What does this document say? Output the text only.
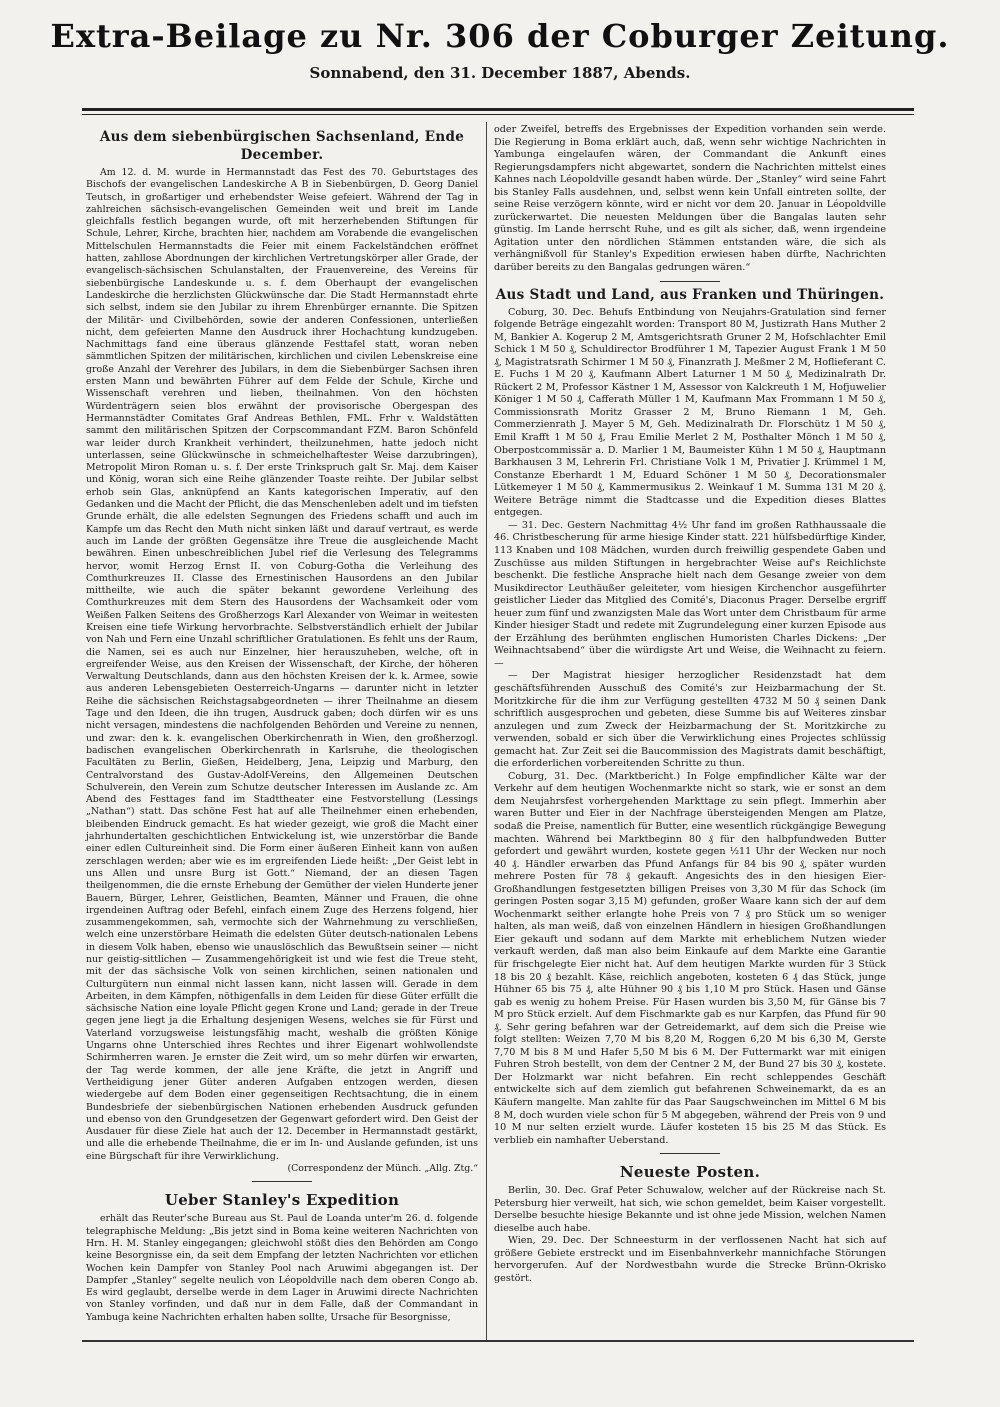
Extra-Beilage zu Nr. 306 der Coburger Zeitung.
Sonnabend, den 31. December 1887, Abends.
Aus dem siebenbürgischen Sachsenland, Ende December.

Am 12. d. M. wurde in Hermannstadt das Fest des 70. Geburtstages des Bischofs der evangelischen Landeskirche A B in Siebenbürgen, D. Georg Daniel Teutsch, in großartiger und erhebendster Weise gefeiert. Während der Tag in zahlreichen sächsisch-evangelischen Gemeinden weit und breit im Lande gleichfalls festlich begangen wurde, oft mit herzerhebenden Stiftungen für Schule, Lehrer, Kirche, brachten hier, nachdem am Vorabende die evangelischen Mittelschulen Hermannstadts die Feier mit einem Fackelständchen eröffnet hatten, zahllose Abordnungen der kirchlichen Vertretungskörper aller Grade, der evangelisch-sächsischen Schulanstalten, der Frauenvereine, des Vereins für siebenbürgische Landeskunde u. s. f. dem Oberhaupt der evangelischen Landeskirche die herzlichsten Glückwünsche dar. Die Stadt Hermannstadt ehrte sich selbst, indem sie den Jubilar zu ihrem Ehrenbürger ernannte. Die Spitzen der Militär- und Civilbehörden, sowie der anderen Confessionen, unterließen nicht, dem gefeierten Manne den Ausdruck ihrer Hochachtung kundzugeben. Nachmittags fand eine überaus glänzende Festtafel statt, woran neben sämmtlichen Spitzen der militärischen, kirchlichen und civilen Lebenskreise eine große Anzahl der Verehrer des Jubilars, in dem die Siebenbürger Sachsen ihren ersten Mann und bewährten Führer auf dem Felde der Schule, Kirche und Wissenschaft verehren und lieben, theilnahmen. Von den höchsten Würdenträgern seien blos erwähnt der provisorische Obergespan des Hermannstädter Comitates Graf Andreas Bethlen, FML. Frhr v. Waldstätten sammt den militärischen Spitzen der Corpscommandant FZM. Baron Schönfeld war leider durch Krankheit verhindert, theilzunehmen, hatte jedoch nicht unterlassen, seine Glückwünsche in schmeichelhaftester Weise darzubringen), Metropolit Miron Roman u. s. f. Der erste Trinkspruch galt Sr. Maj. dem Kaiser und König, woran sich eine Reihe glänzender Toaste reihte. Der Jubilar selbst erhob sein Glas, anknüpfend an Kants kategorischen Imperativ, auf den Gedanken und die Macht der Pflicht, die das Menschenleben adelt und im tiefsten Grunde erhält, die alle edelsten Segnungen des Friedens schafft und auch im Kampfe um das Recht den Muth nicht sinken läßt und darauf vertraut, es werde auch im Lande der größten Gegensätze ihre Treue die ausgleichende Macht bewähren. Einen unbeschreiblichen Jubel rief die Verlesung des Telegramms hervor, womit Herzog Ernst II. von Coburg-Gotha die Verleihung des Comthurkreuzes II. Classe des Ernestinischen Hausordens an den Jubilar mittheilte, wie auch die später bekannt gewordene Verleihung des Comthurkreuzes mit dem Stern des Hausordens der Wachsamkeit oder vom Weißen Falken Seitens des Großherzogs Karl Alexander von Weimar in weitesten Kreisen eine tiefe Wirkung hervorbrachte. Selbstverständlich erhielt der Jubilar von Nah und Fern eine Unzahl schriftlicher Gratulationen. Es fehlt uns der Raum, die Namen, sei es auch nur Einzelner, hier herauszuheben, welche, oft in ergreifender Weise, aus den Kreisen der Wissenschaft, der Kirche, der höheren Verwaltung Deutschlands, dann aus den höchsten Kreisen der k. k. Armee, sowie aus anderen Lebensgebieten Oesterreich-Ungarns — darunter nicht in letzter Reihe die sächsischen Reichstagsabgeordneten — ihrer Theilnahme an diesem Tage und den Ideen, die ihn trugen, Ausdruck gaben; doch dürfen wir es uns nicht versagen, mindestens die nachfolgenden Behörden und Vereine zu nennen, und zwar: den k. k. evangelischen Oberkirchenrath in Wien, den großherzogl. badischen evangelischen Oberkirchenrath in Karlsruhe, die theologischen Facultäten zu Berlin, Gießen, Heidelberg, Jena, Leipzig und Marburg, den Centralvorstand des Gustav-Adolf-Vereins, den Allgemeinen Deutschen Schulverein, den Verein zum Schutze deutscher Interessen im Auslande zc. Am Abend des Festtages fand im Stadttheater eine Festvorstellung (Lessings „Nathan“) statt. Das schöne Fest hat auf alle Theilnehmer einen erhebenden, bleibenden Eindruck gemacht. Es hat wieder gezeigt, wie groß die Macht einer jahrhundertalten geschichtlichen Entwickelung ist, wie unzerstörbar die Bande einer edlen Cultureinheit sind. Die Form einer äußeren Einheit kann von außen zerschlagen werden; aber wie es im ergreifenden Liede heißt: „Der Geist lebt in uns Allen und unsre Burg ist Gott.“ Niemand, der an diesen Tagen theilgenommen, die die ernste Erhebung der Gemüther der vielen Hunderte jener Bauern, Bürger, Lehrer, Geistlichen, Beamten, Männer und Frauen, die ohne irgendeinen Auftrag oder Befehl, einfach einem Zuge des Herzens folgend, hier zusammengekommen, sah, vermochte sich der Wahrnehmung zu verschließen, welch eine unzerstörbare Heimath die edelsten Güter deutsch-nationalen Lebens in diesem Volk haben, ebenso wie unauslöschlich das Bewußtsein seiner — nicht nur geistig-sittlichen — Zusammengehörigkeit ist und wie fest die Treue steht, mit der das sächsische Volk von seinen kirchlichen, seinen nationalen und Culturgütern nun einmal nicht lassen kann, nicht lassen will. Gerade in dem Arbeiten, in dem Kämpfen, nöthigenfalls in dem Leiden für diese Güter erfüllt die sächsische Nation eine loyale Pflicht gegen Krone und Land; gerade in der Treue gegen jene liegt ja die Erhaltung desjenigen Wesens, welches sie für Fürst und Vaterland vorzugsweise leistungsfähig macht, weshalb die größten Könige Ungarns ohne Unterschied ihres Rechtes und ihrer Eigenart wohlwollendste Schirmherren waren. Je ernster die Zeit wird, um so mehr dürfen wir erwarten, der Tag werde kommen, der alle jene Kräfte, die jetzt in Angriff und Vertheidigung jener Güter anderen Aufgaben entzogen werden, diesen wiedergebe auf dem Boden einer gegenseitigen Rechtsachtung, die in einem Bundesbriefe der siebenbürgischen Nationen erhebenden Ausdruck gefunden und ebenso von den Grundgesetzen der Gegenwart gefordert wird. Den Geist der Ausdauer für diese Ziele hat auch der 12. December in Hermannstadt gestärkt, und alle die erhebende Theilnahme, die er im In- und Auslande gefunden, ist uns eine Bürgschaft für ihre Verwirklichung.

(Correspondenz der Münch. „Allg. Ztg.“
Ueber Stanley's Expedition

erhält das Reuter'sche Bureau aus St. Paul de Loanda unter'm 26. d. folgende telegraphische Meldung: „Bis jetzt sind in Boma keine weiteren Nachrichten von Hrn. H. M. Stanley eingegangen; gleichwohl stößt dies den Behörden am Congo keine Besorgnisse ein, da seit dem Empfang der letzten Nachrichten vor etlichen Wochen kein Dampfer von Stanley Pool nach Aruwimi abgegangen ist. Der Dampfer „Stanley“ segelte neulich von Léopoldville nach dem oberen Congo ab. Es wird geglaubt, derselbe werde in dem Lager in Aruwimi directe Nachrichten von Stanley vorfinden, und daß nur in dem Falle, daß der Commandant in Yambuga keine Nachrichten erhalten haben sollte, Ursache für Besorgnisse,

oder Zweifel, betreffs des Ergebnisses der Expedition vorhanden sein werde. Die Regierung in Boma erklärt auch, daß, wenn sehr wichtige Nachrichten in Yambunga eingelaufen wären, der Commandant die Ankunft eines Regierungsdampfers nicht abgewartet, sondern die Nachrichten mittelst eines Kahnes nach Léopoldville gesandt haben würde. Der „Stanley“ wird seine Fahrt bis Stanley Falls ausdehnen, und, selbst wenn kein Unfall eintreten sollte, der seine Reise verzögern könnte, wird er nicht vor dem 20. Januar in Léopoldville zurückerwartet. Die neuesten Meldungen über die Bangalas lauten sehr günstig. Im Lande herrscht Ruhe, und es gilt als sicher, daß, wenn irgendeine Agitation unter den nördlichen Stämmen entstanden wäre, die sich als verhängnißvoll für Stanley's Expedition erwiesen haben dürfte, Nachrichten darüber bereits zu den Bangalas gedrungen wären.“

Aus Stadt und Land, aus Franken und Thüringen.

Coburg, 30. Dec. Behufs Entbindung von Neujahrs-Gratulation sind ferner folgende Beträge eingezahlt worden: Transport 80 M, Justizrath Hans Muther 2 M, Bankier A. Kogerup 2 M, Amtsgerichtsrath Gruner 2 M, Hofschlachter Emil Schick 1 M 50 ₰, Schuldirector Brodführer 1 M, Tapezier August Frank 1 M 50 ₰, Magistratsrath Schirmer 1 M 50 ₰, Finanzrath J. Meßmer 2 M, Hoflieferant C. E. Fuchs 1 M 20 ₰, Kaufmann Albert Laturner 1 M 50 ₰, Medizinalrath Dr. Rückert 2 M, Professor Kästner 1 M, Assessor von Kalckreuth 1 M, Hofjuwelier Königer 1 M 50 ₰, Cafferath Müller 1 M, Kaufmann Max Frommann 1 M 50 ₰, Commissionsrath Moritz Grasser 2 M, Bruno Riemann 1 M, Geh. Commerzienrath J. Mayer 5 M, Geh. Medizinalrath Dr. Florschütz 1 M 50 ₰, Emil Krafft 1 M 50 ₰, Frau Emilie Merlet 2 M, Posthalter Mönch 1 M 50 ₰, Oberpostcommissär a. D. Marlier 1 M, Baumeister Kühn 1 M 50 ₰, Hauptmann Barkhausen 3 M, Lehrerin Frl. Christiane Volk 1 M, Privatier J. Krümmel 1 M, Constanze Eberhardt 1 M, Eduard Schöner 1 M 50 ₰, Decorationsmaler Lütkemeyer 1 M 50 ₰, Kammermusikus 2. Weinkauf 1 M. Summa 131 M 20 ₰. Weitere Beträge nimmt die Stadtcasse und die Expedition dieses Blattes entgegen.

— 31. Dec. Gestern Nachmittag 4½ Uhr fand im großen Rathhaussaale die 46. Christbescherung für arme hiesige Kinder statt. 221 hülfsbedürftige Kinder, 113 Knaben und 108 Mädchen, wurden durch freiwillig gespendete Gaben und Zuschüsse aus milden Stiftungen in hergebrachter Weise auf's Reichlichste beschenkt. Die festliche Ansprache hielt nach dem Gesange zweier von dem Musikdirector Leuthäußer geleiteter, vom hiesigen Kirchenchor ausgeführter geistlicher Lieder das Mitglied des Comité's, Diaconus Prager. Derselbe ergriff heuer zum fünf und zwanzigsten Male das Wort unter dem Christbaum für arme Kinder hiesiger Stadt und redete mit Zugrundelegung einer kurzen Episode aus der Erzählung des berühmten englischen Humoristen Charles Dickens: „Der Weihnachtsabend“ über die würdigste Art und Weise, die Weihnacht zu feiern. —

— Der Magistrat hiesiger herzoglicher Residenzstadt hat dem geschäftsführenden Ausschuß des Comité's zur Heizbarmachung der St. Moritzkirche für die ihm zur Verfügung gestellten 4732 M 50 ₰ seinen Dank schriftlich ausgesprochen und gebeten, diese Summe bis auf Weiteres zinsbar anzulegen und zum Zweck der Heizbarmachung der St. Moritzkirche zu verwenden, sobald er sich über die Verwirklichung eines Projectes schlüssig gemacht hat. Zur Zeit sei die Baucommission des Magistrats damit beschäftigt, die erforderlichen vorbereitenden Schritte zu thun.

Coburg, 31. Dec. (Marktbericht.) In Folge empfindlicher Kälte war der Verkehr auf dem heutigen Wochenmarkte nicht so stark, wie er sonst an dem dem Neujahrsfest vorhergehenden Markttage zu sein pflegt. Immerhin aber waren Butter und Eier in der Nachfrage übersteigenden Mengen am Platze, sodaß die Preise, namentlich für Butter, eine wesentlich rückgängige Bewegung machten. Während bei Marktbeginn 80 ₰ für den halbpfundweden Butter gefordert und gewährt wurden, kostete gegen ½11 Uhr der Wecken nur noch 40 ₰. Händler erwarben das Pfund Anfangs für 84 bis 90 ₰, später wurden mehrere Posten für 78 ₰ gekauft. Angesichts des in den hiesigen Eier-Großhandlungen festgesetzten billigen Preises von 3,30 M für das Schock (im geringen Posten sogar 3,15 M) gefunden, großer Waare kann sich der auf dem Wochenmarkt seither erlangte hohe Preis von 7 ₰ pro Stück um so weniger halten, als man weiß, daß von einzelnen Händlern in hiesigen Großhandlungen Eier gekauft und sodann auf dem Markte mit erheblichem Nutzen wieder verkauft werden, daß man also beim Einkaufe auf dem Markte eine Garantie für frischgelegte Eier nicht hat. Auf dem heutigen Markte wurden für 3 Stück 18 bis 20 ₰ bezahlt. Käse, reichlich angeboten, kosteten 6 ₰ das Stück, junge Hühner 65 bis 75 ₰, alte Hühner 90 ₰ bis 1,10 M pro Stück. Hasen und Gänse gab es wenig zu hohem Preise. Für Hasen wurden bis 3,50 M, für Gänse bis 7 M pro Stück erzielt. Auf dem Fischmarkte gab es nur Karpfen, das Pfund für 90 ₰. Sehr gering befahren war der Getreidemarkt, auf dem sich die Preise wie folgt stellten: Weizen 7,70 M bis 8,20 M, Roggen 6,20 M bis 6,30 M, Gerste 7,70 M bis 8 M und Hafer 5,50 M bis 6 M. Der Futtermarkt war mit einigen Fuhren Stroh bestellt, von dem der Centner 2 M, der Bund 27 bis 30 ₰, kostete. Der Holzmarkt war nicht befahren. Ein recht schleppendes Geschäft entwickelte sich auf dem ziemlich gut befahrenen Schweinemarkt, da es an Käufern mangelte. Man zahlte für das Paar Saugschweinchen im Mittel 6 M bis 8 M, doch wurden viele schon für 5 M abgegeben, während der Preis von 9 und 10 M nur selten erzielt wurde. Läufer kosteten 15 bis 25 M das Stück. Es verblieb ein namhafter Ueberstand.

Neueste Posten.

Berlin, 30. Dec. Graf Peter Schuwalow, welcher auf der Rückreise nach St. Petersburg hier verweilt, hat sich, wie schon gemeldet, beim Kaiser vorgestellt. Derselbe besuchte hiesige Bekannte und ist ohne jede Mission, welchen Namen dieselbe auch habe.

Wien, 29. Dec. Der Schneesturm in der verflossenen Nacht hat sich auf größere Gebiete erstreckt und im Eisenbahnverkehr mannichfache Störungen hervorgerufen. Auf der Nordwestbahn wurde die Strecke Brünn-Okrisko gestört.
